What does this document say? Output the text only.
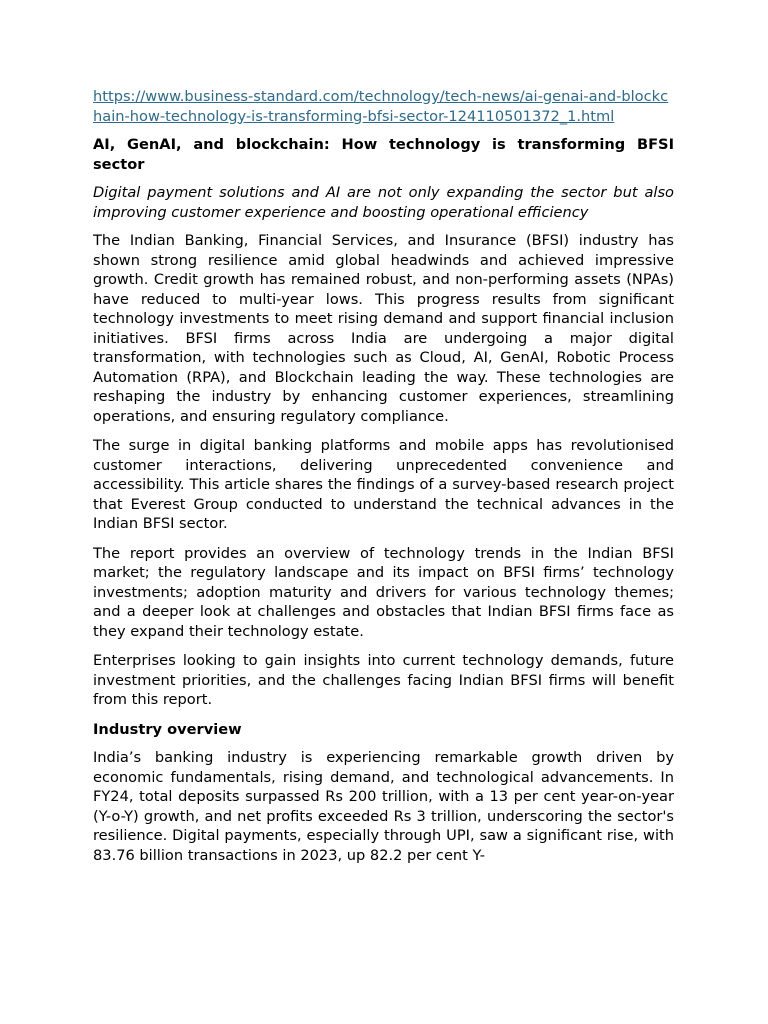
https://www.business-standard.com/technology/tech-news/ai-genai-and-blockchain-how-technology-is-transforming-bfsi-sector-124110501372_1.html

AI, GenAI, and blockchain: How technology is transforming BFSI sector

Digital payment solutions and AI are not only expanding the sector but also improving customer experience and boosting operational efficiency

The Indian Banking, Financial Services, and Insurance (BFSI) industry has shown strong resilience amid global headwinds and achieved impressive growth. Credit growth has remained robust, and non-performing assets (NPAs) have reduced to multi-year lows. This progress results from significant technology investments to meet rising demand and support financial inclusion initiatives. BFSI firms across India are undergoing a major digital transformation, with technologies such as Cloud, AI, GenAI, Robotic Process Automation (RPA), and Blockchain leading the way. These technologies are reshaping the industry by enhancing customer experiences, streamlining operations, and ensuring regulatory compliance.

The surge in digital banking platforms and mobile apps has revolutionised customer interactions, delivering unprecedented convenience and accessibility. This article shares the findings of a survey-based research project that Everest Group conducted to understand the technical advances in the Indian BFSI sector.

The report provides an overview of technology trends in the Indian BFSI market; the regulatory landscape and its impact on BFSI firms’ technology investments; adoption maturity and drivers for various technology themes; and a deeper look at challenges and obstacles that Indian BFSI firms face as they expand their technology estate.

Enterprises looking to gain insights into current technology demands, future investment priorities, and the challenges facing Indian BFSI firms will benefit from this report.

Industry overview

India’s banking industry is experiencing remarkable growth driven by economic fundamentals, rising demand, and technological advancements. In FY24, total deposits surpassed Rs 200 trillion, with a 13 per cent year-on-year (Y-o-Y) growth, and net profits exceeded Rs 3 trillion, underscoring the sector's resilience. Digital payments, especially through UPI, saw a significant rise, with 83.76 billion transactions in 2023, up 82.2 per cent Y-
